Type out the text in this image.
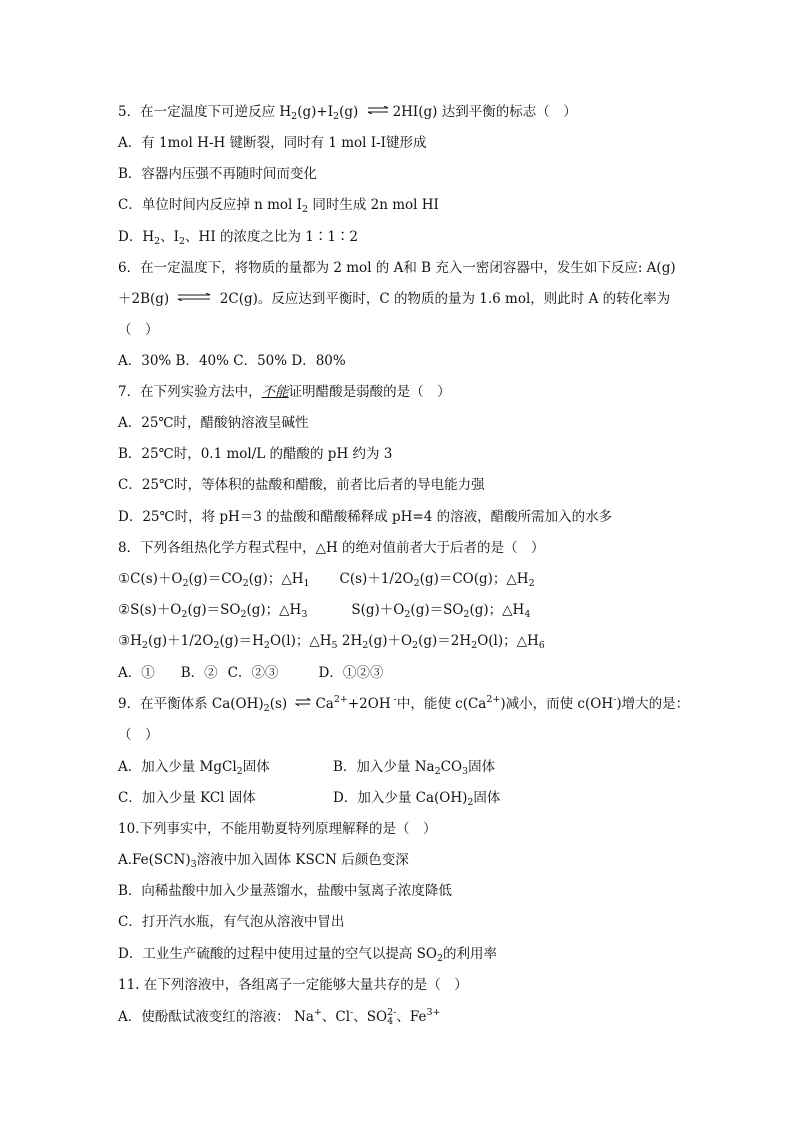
5．在一定温度下可逆反应 $H_2(g)+I_2(g)$ ⇌ 2HI(g) 达到平衡的标志（　）
A．有 1mol H-H 键断裂，同时有 1 mol I-I键形成
B．容器内压强不再随时间而变化
C．单位时间内反应掉 n mol $I_2$ 同时生成 2n mol HI
D．$H_2$、$I_2$、HI 的浓度之比为 1∶1∶2
6．在一定温度下，将物质的量都为 2 mol 的 A和 B 充入一密闭容器中，发生如下反应: A(g)
＋2B(g) ⇌ 2C(g)。反应达到平衡时，C 的物质的量为 1.6 mol，则此时 A 的转化率为
（　）
A．30% B．40% C．50% D．80%
7．在下列实验方法中，不能证明醋酸是弱酸的是（　）
A．25℃时，醋酸钠溶液呈碱性
B．25℃时，0.1 mol/L 的醋酸的 pH 约为 3
C．25℃时，等体积的盐酸和醋酸，前者比后者的导电能力强
D．25℃时，将 pH＝3 的盐酸和醋酸稀释成 pH=4 的溶液，醋酸所需加入的水多
8．下列各组热化学方程式程中，△H 的绝对值前者大于后者的是（　）
$①C(s)+O_2(g)=CO_2(g)$；$\triangle H_1$ $C(s)+1/2O_2(g)=CO(g)$；$\triangle H_2$
$②S(s)+O_2(g)=SO_2(g)$；$\triangle H_3$	$S(g)+O_2(g)=SO_2(g)$；$\triangle H_4$
$③H_2(g)+1/2O_2(g)=H_2O(l)$；$\triangle H_5$ $2H_2(g)+O_2(g)=2H_2O(l)$；$\triangle H_6$
A．① B．② C．②③	D．①②③
9．在平衡体系 $Ca(OH)_2(s)$ ⇌ $Ca^{2+}+2OH$ -中，能使 $c(Ca^{2+})$减小，而使 c(OH-)增大的是：
（　）
A．加入少量 MgCl$_2$固体	B．加入少量 $Na_2CO_3$固体
C．加入少量 KCl 固体	D．加入少量 $Ca(OH)_2$固体
10.下列事实中，不能用勒夏特列原理解释的是（　）
$A.Fe(SCN)_3$溶液中加入固体 KSCN 后颜色变深
B．向稀盐酸中加入少量蒸馏水，盐酸中氢离子浓度降低
C．打开汽水瓶，有气泡从溶液中冒出
D．工业生产硫酸的过程中使用过量的空气以提高 $SO_2$的利用率
11. 在下列溶液中，各组离子一定能够大量共存的是（　）
A．使酚酞试液变红的溶液： Na+、Cl-、$SO_4^{2-}$、$Fe^{3+}$
